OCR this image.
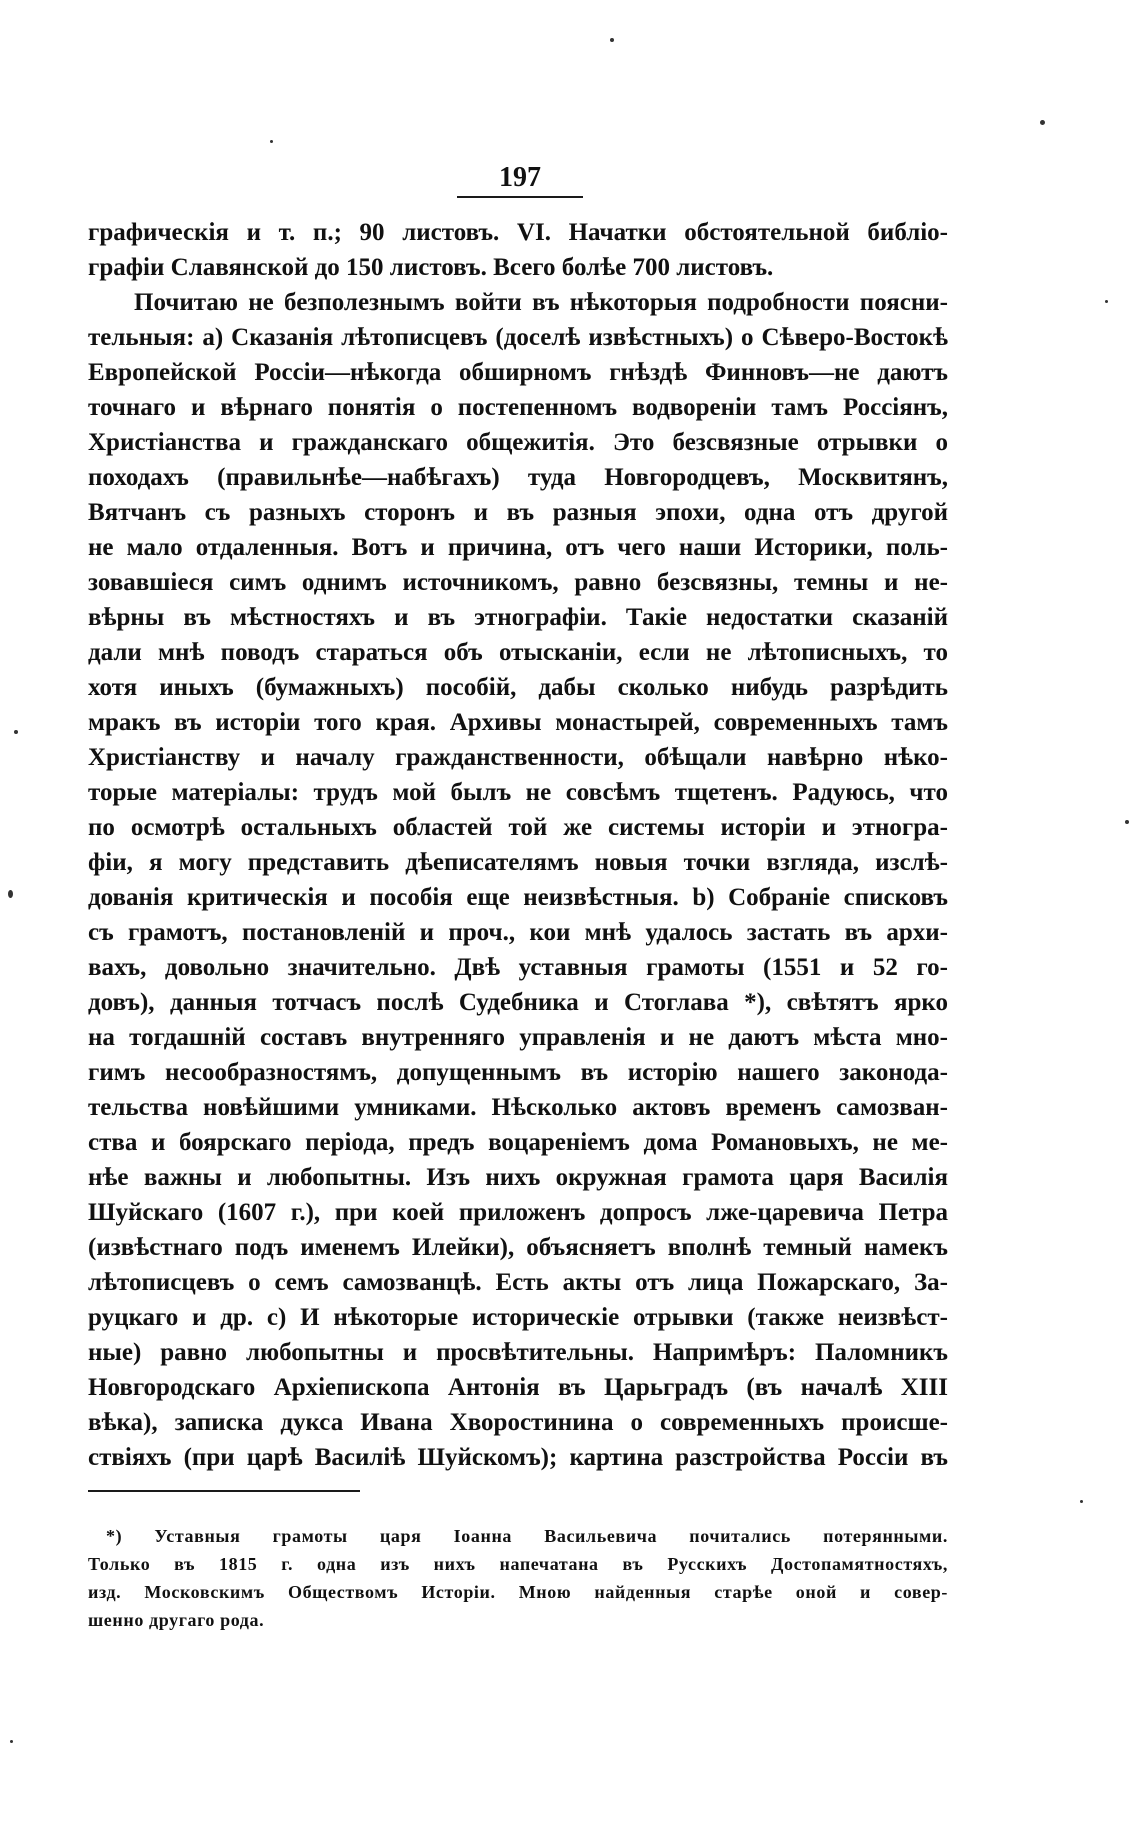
197
графическія и т. п.; 90 листовъ. VI. Начатки обстоятельной библіо-
графіи Славянской до 150 листовъ. Всего болѣе 700 листовъ.
Почитаю не безполезнымъ войти въ нѣкоторыя подробности поясни-
тельныя: а) Сказанія лѣтописцевъ (доселѣ извѣстныхъ) о Сѣверо-Востокѣ
Европейской Россіи—нѣкогда обширномъ гнѣздѣ Финновъ—не даютъ
точнаго и вѣрнаго понятія о постепенномъ водвореніи тамъ Россіянъ,
Христіанства и гражданскаго общежитія. Это безсвязные отрывки о
походахъ (правильнѣе—набѣгахъ) туда Новгородцевъ, Москвитянъ,
Вятчанъ съ разныхъ сторонъ и въ разныя эпохи, одна отъ другой
не мало отдаленныя. Вотъ и причина, отъ чего наши Историки, поль-
зовавшіеся симъ однимъ источникомъ, равно безсвязны, темны и не-
вѣрны въ мѣстностяхъ и въ этнографіи. Такіе недостатки сказаній
дали мнѣ поводъ стараться объ отысканіи, если не лѣтописныхъ, то
хотя иныхъ (бумажныхъ) пособій, дабы сколько нибудь разрѣдить
мракъ въ исторіи того края. Архивы монастырей, современныхъ тамъ
Христіанству и началу гражданственности, обѣщали навѣрно нѣко-
торые матеріалы: трудъ мой былъ не совсѣмъ тщетенъ. Радуюсь, что
по осмотрѣ остальныхъ областей той же системы исторіи и этногра-
фіи, я могу представить дѣеписателямъ новыя точки взгляда, изслѣ-
дованія критическія и пособія еще неизвѣстныя. b) Собраніе списковъ
съ грамотъ, постановленій и проч., кои мнѣ удалось застать въ архи-
вахъ, довольно значительно. Двѣ уставныя грамоты (1551 и 52 го-
довъ), данныя тотчасъ послѣ Судебника и Стоглава *), свѣтятъ ярко
на тогдашній составъ внутренняго управленія и не даютъ мѣста мно-
гимъ несообразностямъ, допущеннымъ въ исторію нашего законода-
тельства новѣйшими умниками. Нѣсколько актовъ временъ самозван-
ства и боярскаго періода, предъ воцареніемъ дома Романовыхъ, не ме-
нѣе важны и любопытны. Изъ нихъ окружная грамота царя Василія
Шуйскаго (1607 г.), при коей приложенъ допросъ лже-царевича Петра
(извѣстнаго подъ именемъ Илейки), объясняетъ вполнѣ темный намекъ
лѣтописцевъ о семъ самозванцѣ. Есть акты отъ лица Пожарскаго, За-
руцкаго и др. с) И нѣкоторые историческіе отрывки (также неизвѣст-
ные) равно любопытны и просвѣтительны. Напримѣръ: Паломникъ
Новгородскаго Архіепископа Антонія въ Царьградъ (въ началѣ XIII
вѣка), записка дукса Ивана Хворостинина о современныхъ происше-
ствіяхъ (при царѣ Василіѣ Шуйскомъ); картина разстройства Россіи въ
*) Уставныя грамоты царя Іоанна Васильевича почитались потерянными.
Только въ 1815 г. одна изъ нихъ напечатана въ Русскихъ Достопамятностяхъ,
изд. Московскимъ Обществомъ Исторіи. Мною найденныя старѣе оной и совер-
шенно другаго рода.
